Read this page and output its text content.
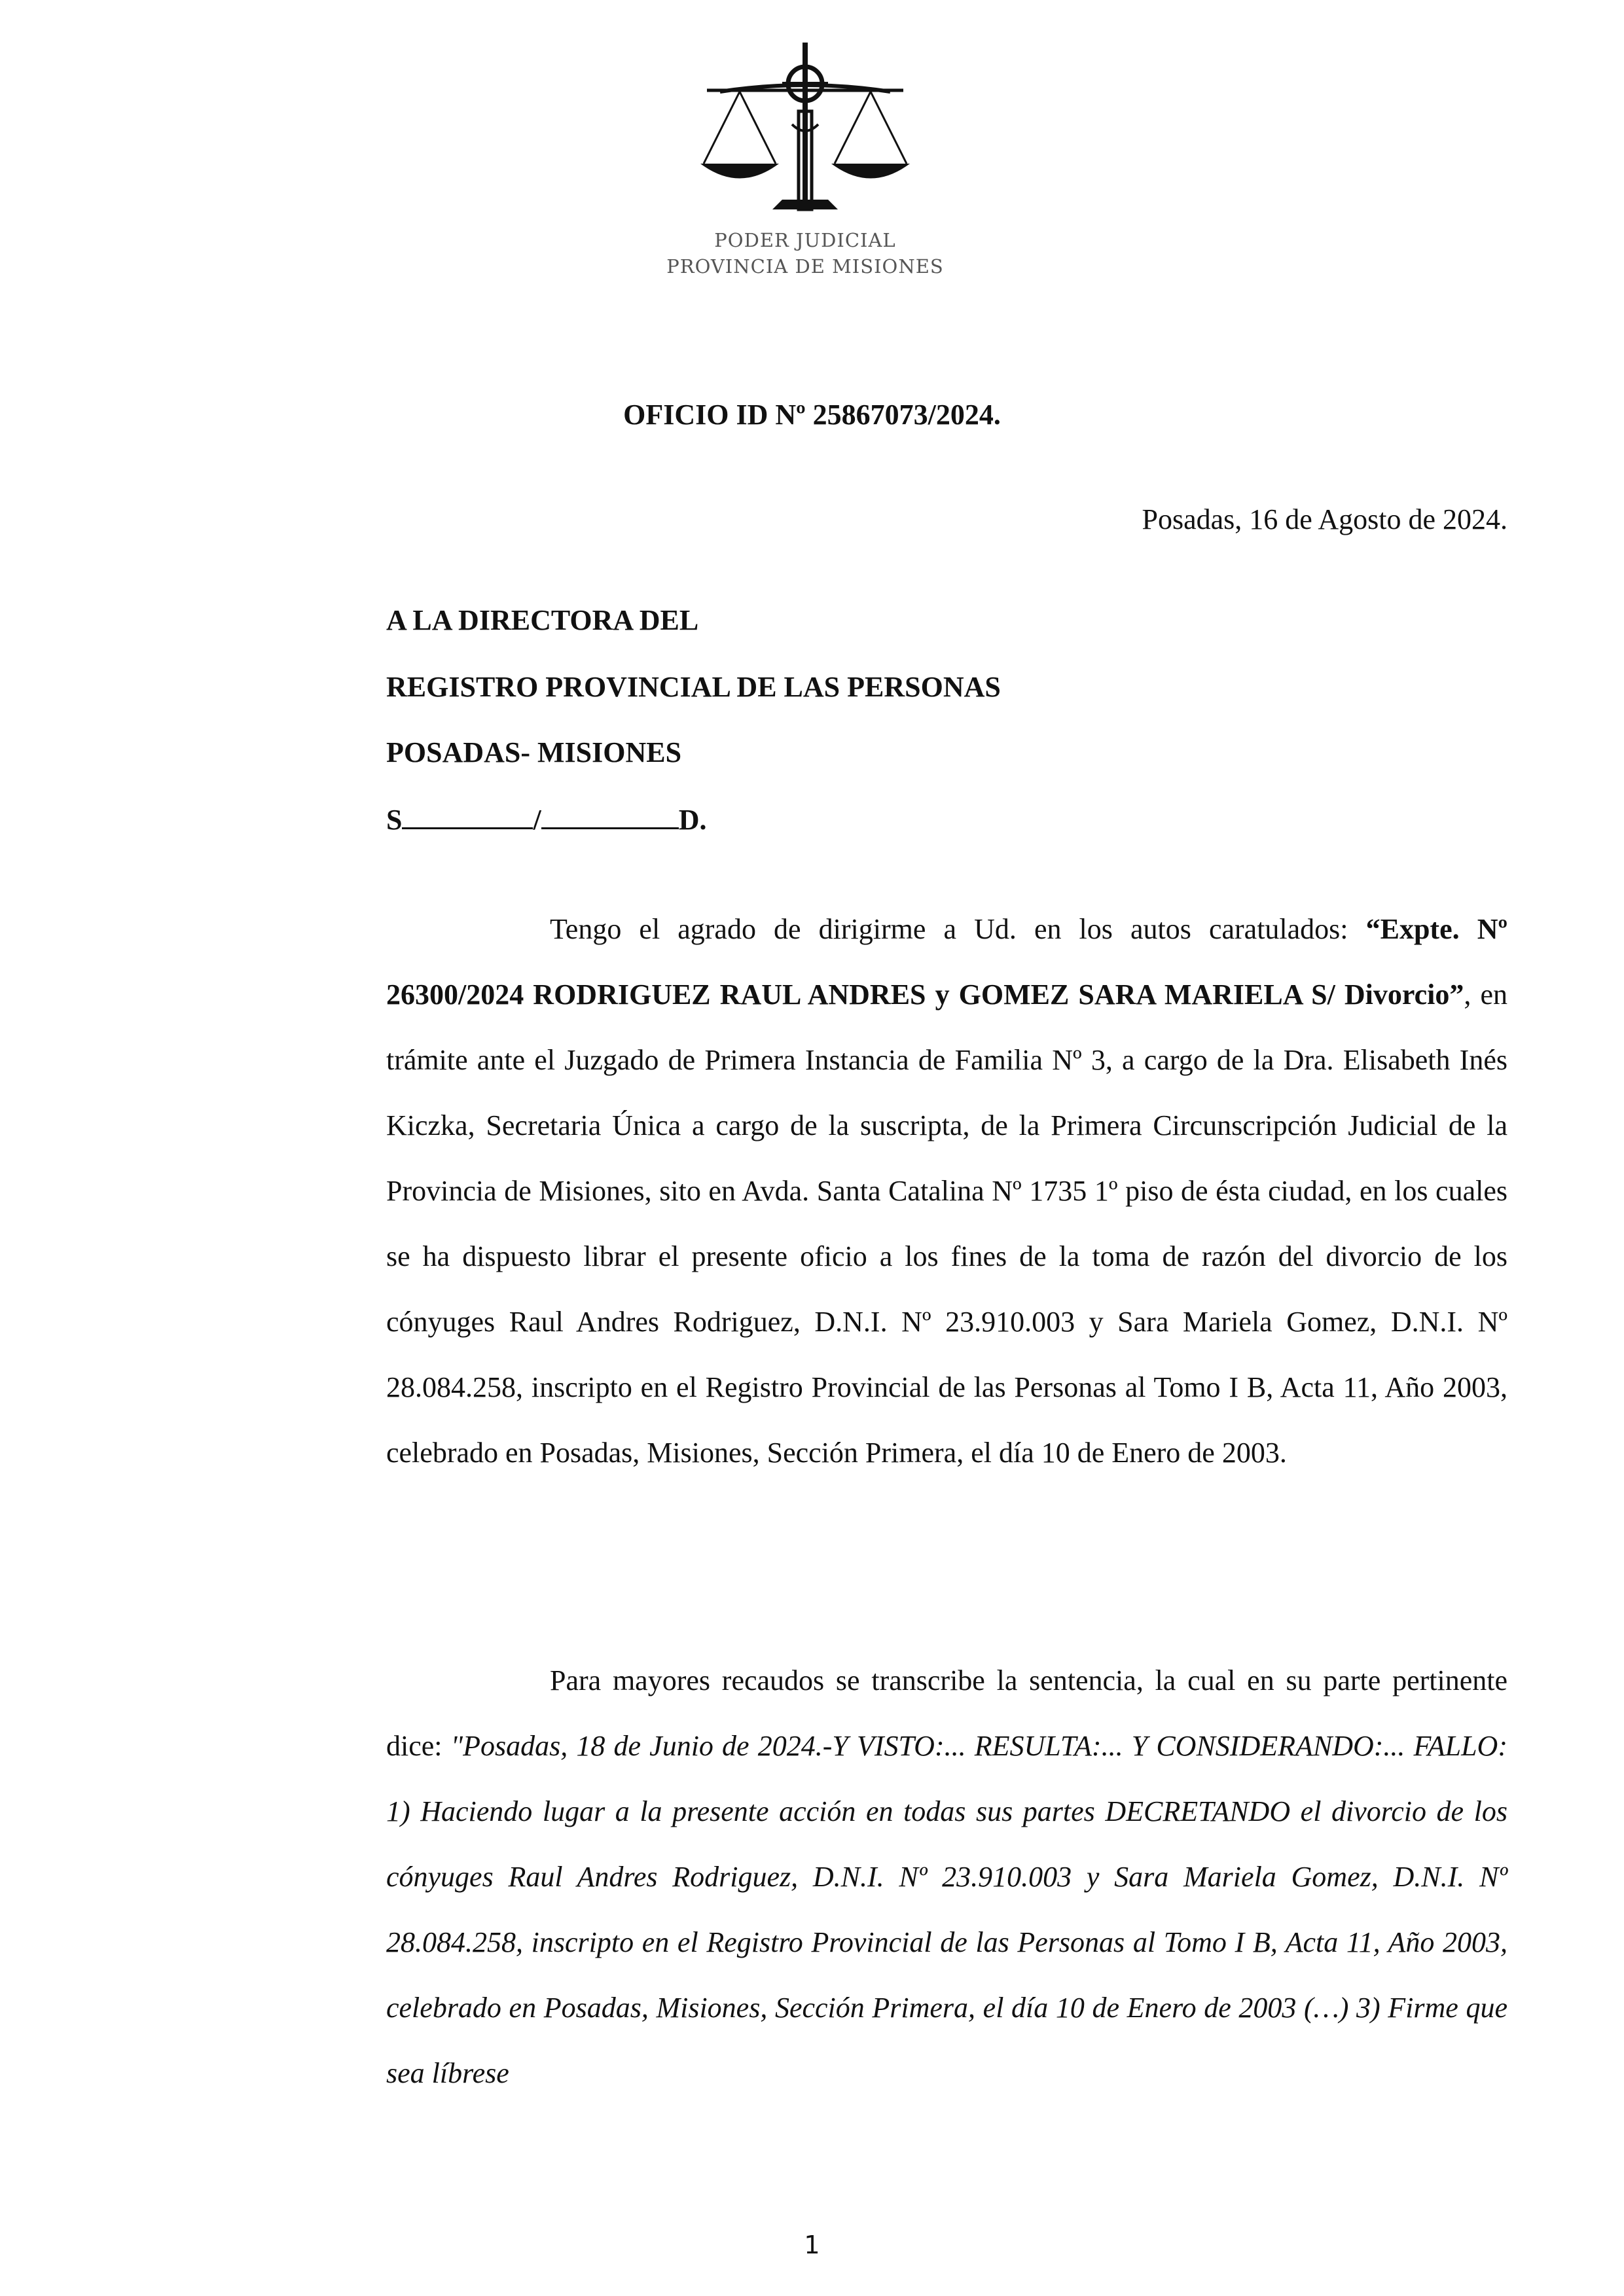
PODER JUDICIAL
PROVINCIA DE MISIONES
OFICIO ID Nº 25867073/2024.
Posadas, 16 de Agosto de 2024.
A LA DIRECTORA DEL
REGISTRO PROVINCIAL DE LAS PERSONAS
POSADAS- MISIONES
S	/	D.
Tengo el agrado de dirigirme a Ud. en los autos caratulados: “Expte. Nº 26300/2024 RODRIGUEZ RAUL ANDRES y GOMEZ SARA MARIELA S/ Divorcio”, en trámite ante el Juzgado de Primera Instancia de Familia Nº 3, a cargo de la Dra. Elisabeth Inés Kiczka, Secretaria Única a cargo de la suscripta, de la Primera Circunscripción Judicial de la Provincia de Misiones, sito en Avda. Santa Catalina Nº 1735 1º piso de ésta ciudad, en los cuales se ha dispuesto librar el presente oficio a los fines de la toma de razón del divorcio de los cónyuges Raul Andres Rodriguez, D.N.I. Nº 23.910.003 y Sara Mariela Gomez, D.N.I. Nº 28.084.258, inscripto en el Registro Provincial de las Personas al Tomo I B, Acta 11, Año 2003, celebrado en Posadas, Misiones, Sección Primera, el día 10 de Enero de 2003.
Para mayores recaudos se transcribe la sentencia, la cual en su parte pertinente dice: "Posadas, 18 de Junio de 2024.-Y VISTO:... RESULTA:... Y CONSIDERANDO:... FALLO: 1) Haciendo lugar a la presente acción en todas sus partes DECRETANDO el divorcio de los cónyuges Raul Andres Rodriguez, D.N.I. Nº 23.910.003 y Sara Mariela Gomez, D.N.I. Nº 28.084.258, inscripto en el Registro Provincial de las Personas al Tomo I B, Acta 11, Año 2003, celebrado en Posadas, Misiones, Sección Primera, el día 10 de Enero de 2003 (…) 3) Firme que sea líbrese
1
